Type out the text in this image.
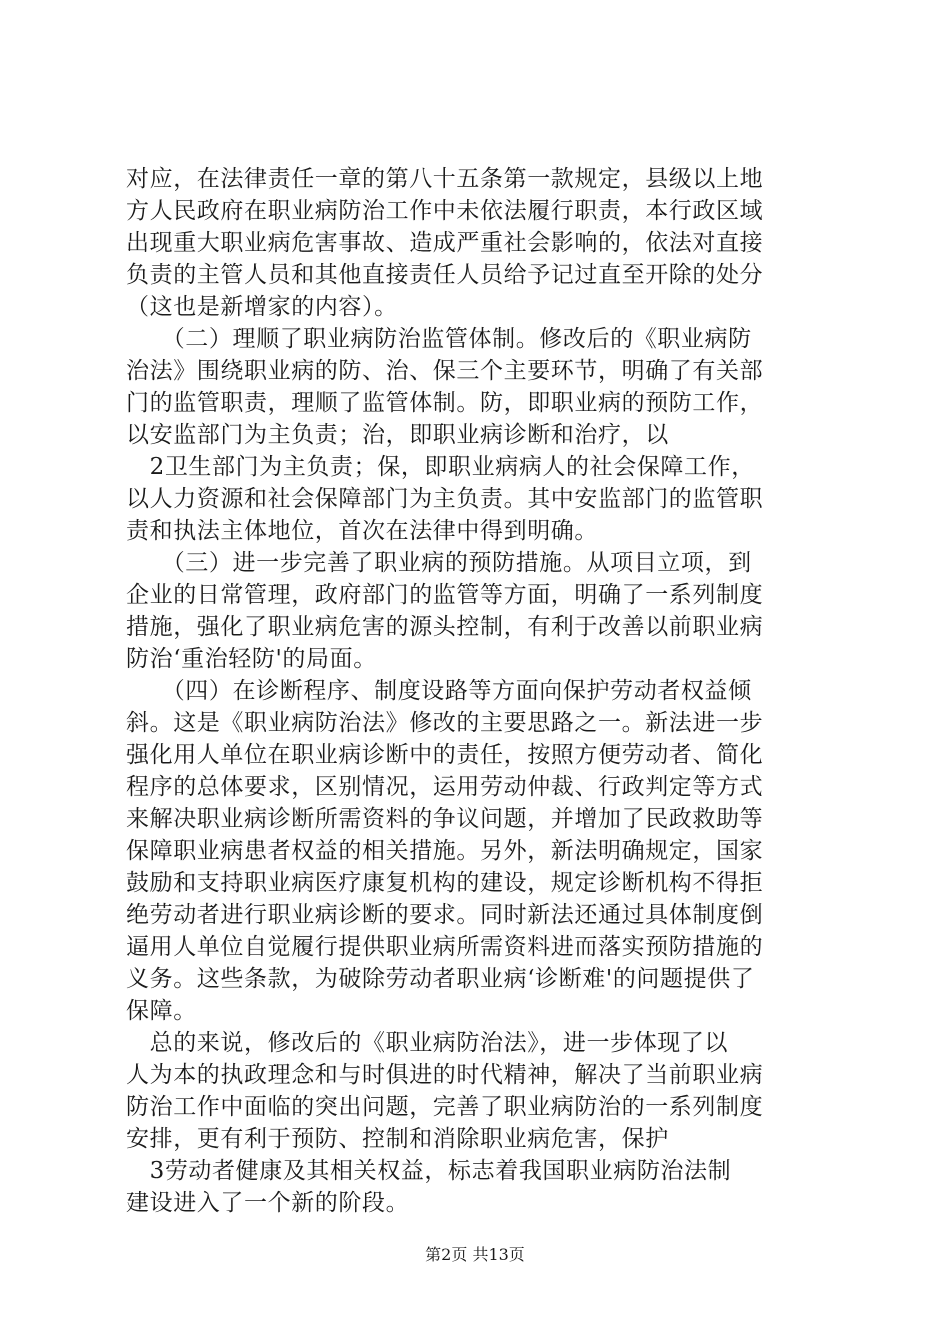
对应，在法律责任一章的第八十五条第一款规定，县级以上地
方人民政府在职业病防治工作中未依法履行职责，本行政区域
出现重大职业病危害事故、造成严重社会影响的，依法对直接
负责的主管人员和其他直接责任人员给予记过直至开除的处分
（这也是新增家的内容）。
　　（二）理顺了职业病防治监管体制。修改后的《职业病防
治法》围绕职业病的防、治、保三个主要环节，明确了有关部
门的监管职责，理顺了监管体制。防，即职业病的预防工作，
以安监部门为主负责；治，即职业病诊断和治疗，以
　2卫生部门为主负责；保，即职业病病人的社会保障工作，
以人力资源和社会保障部门为主负责。其中安监部门的监管职
责和执法主体地位，首次在法律中得到明确。
　　（三）进一步完善了职业病的预防措施。从项目立项，到
企业的日常管理，政府部门的监管等方面，明确了一系列制度
措施，强化了职业病危害的源头控制，有利于改善以前职业病
防治‘重治轻防'的局面。
　　（四）在诊断程序、制度设路等方面向保护劳动者权益倾
斜。这是《职业病防治法》修改的主要思路之一。新法进一步
强化用人单位在职业病诊断中的责任，按照方便劳动者、简化
程序的总体要求，区别情况，运用劳动仲裁、行政判定等方式
来解决职业病诊断所需资料的争议问题，并增加了民政救助等
保障职业病患者权益的相关措施。另外，新法明确规定，国家
鼓励和支持职业病医疗康复机构的建设，规定诊断机构不得拒
绝劳动者进行职业病诊断的要求。同时新法还通过具体制度倒
逼用人单位自觉履行提供职业病所需资料进而落实预防措施的
义务。这些条款，为破除劳动者职业病‘诊断难'的问题提供了
保障。
　总的来说，修改后的《职业病防治法》，进一步体现了以
人为本的执政理念和与时俱进的时代精神，解决了当前职业病
防治工作中面临的突出问题，完善了职业病防治的一系列制度
安排，更有利于预防、控制和消除职业病危害，保护
　3劳动者健康及其相关权益，标志着我国职业病防治法制
建设进入了一个新的阶段。
第2页 共13页
